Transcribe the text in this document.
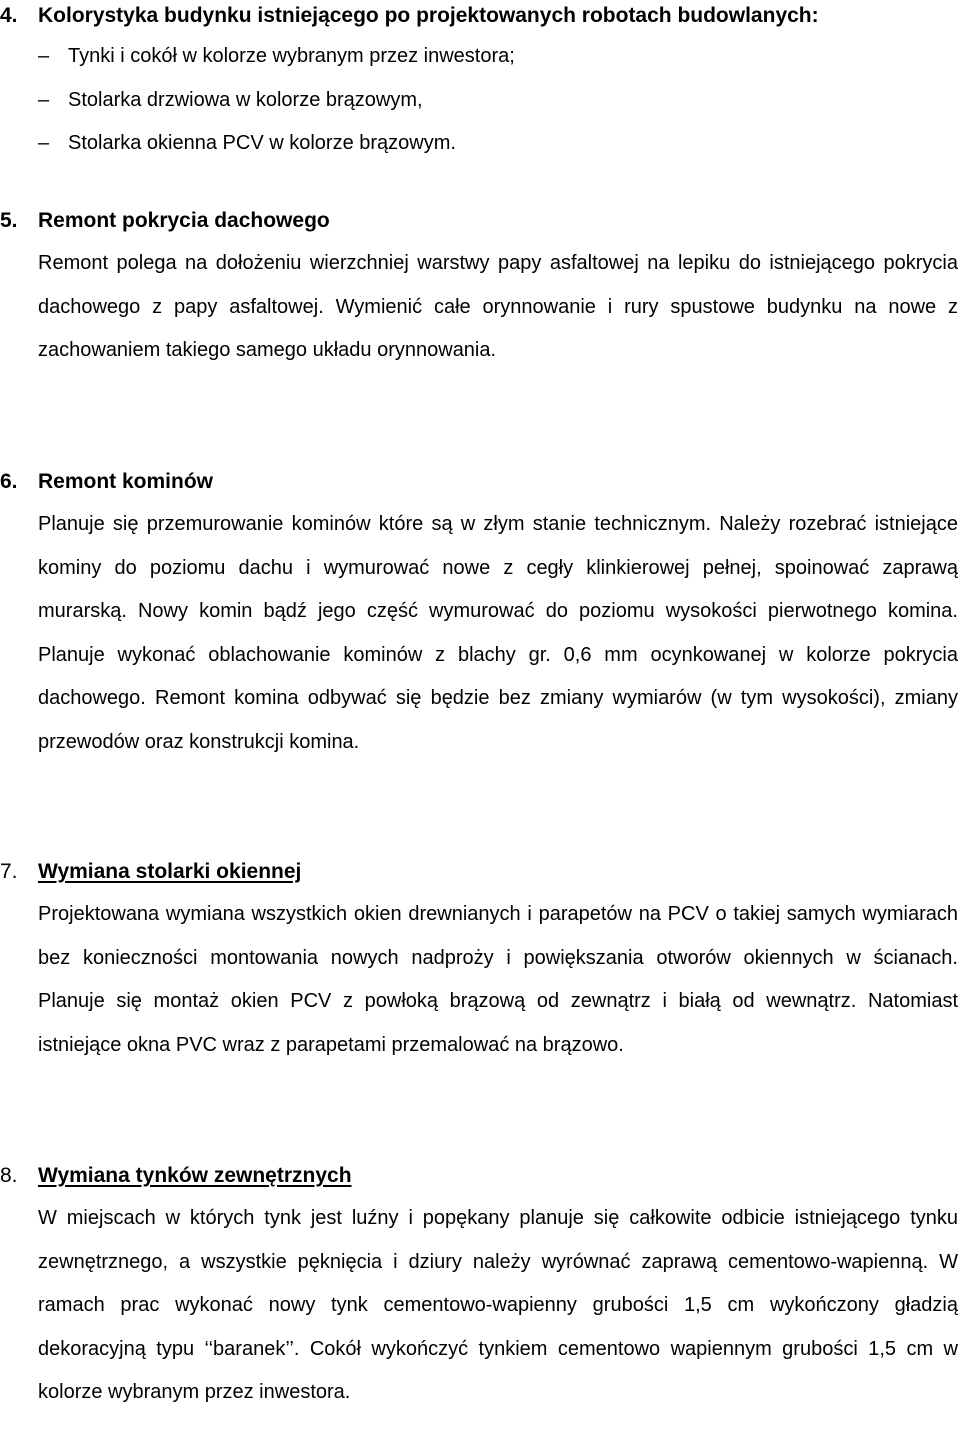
4. Kolorystyka budynku istniejącego po projektowanych robotach budowlanych:
– Tynki i cokół w kolorze wybranym przez inwestora;
– Stolarka drzwiowa w kolorze brązowym,
– Stolarka okienna PCV w kolorze brązowym.
5. Remont pokrycia dachowego
Remont polega na dołożeniu wierzchniej warstwy papy asfaltowej na lepiku do istniejącego pokrycia dachowego z papy asfaltowej. Wymienić całe orynnowanie i rury spustowe budynku na nowe z zachowaniem takiego samego układu orynnowania.
6. Remont kominów
Planuje się przemurowanie kominów które są w złym stanie technicznym. Należy rozebrać istniejące kominy do poziomu dachu i wymurować nowe z cegły klinkierowej pełnej, spoinować zaprawą murarską. Nowy komin bądź jego część wymurować do poziomu wysokości pierwotnego komina. Planuje wykonać oblachowanie kominów z blachy gr. 0,6 mm ocynkowanej w kolorze pokrycia dachowego. Remont komina odbywać się będzie bez zmiany wymiarów (w tym wysokości), zmiany przewodów oraz konstrukcji komina.
7. Wymiana stolarki okiennej
Projektowana wymiana wszystkich okien drewnianych i parapetów na PCV o takiej samych wymiarach bez konieczności montowania nowych nadproży i powiększania otworów okiennych w ścianach. Planuje się montaż okien PCV z powłoką brązową od zewnątrz i białą od wewnątrz. Natomiast istniejące okna PVC wraz z parapetami przemalować na brązowo.
8. Wymiana tynków zewnętrznych
W miejscach w których tynk jest luźny i popękany planuje się całkowite odbicie istniejącego tynku zewnętrznego, a wszystkie pęknięcia i dziury należy wyrównać zaprawą cementowo-wapienną. W ramach prac wykonać nowy tynk cementowo-wapienny grubości 1,5 cm wykończony gładzią dekoracyjną typu ‘‘baranek’’. Cokół wykończyć tynkiem cementowo wapiennym grubości 1,5 cm w kolorze wybranym przez inwestora.
